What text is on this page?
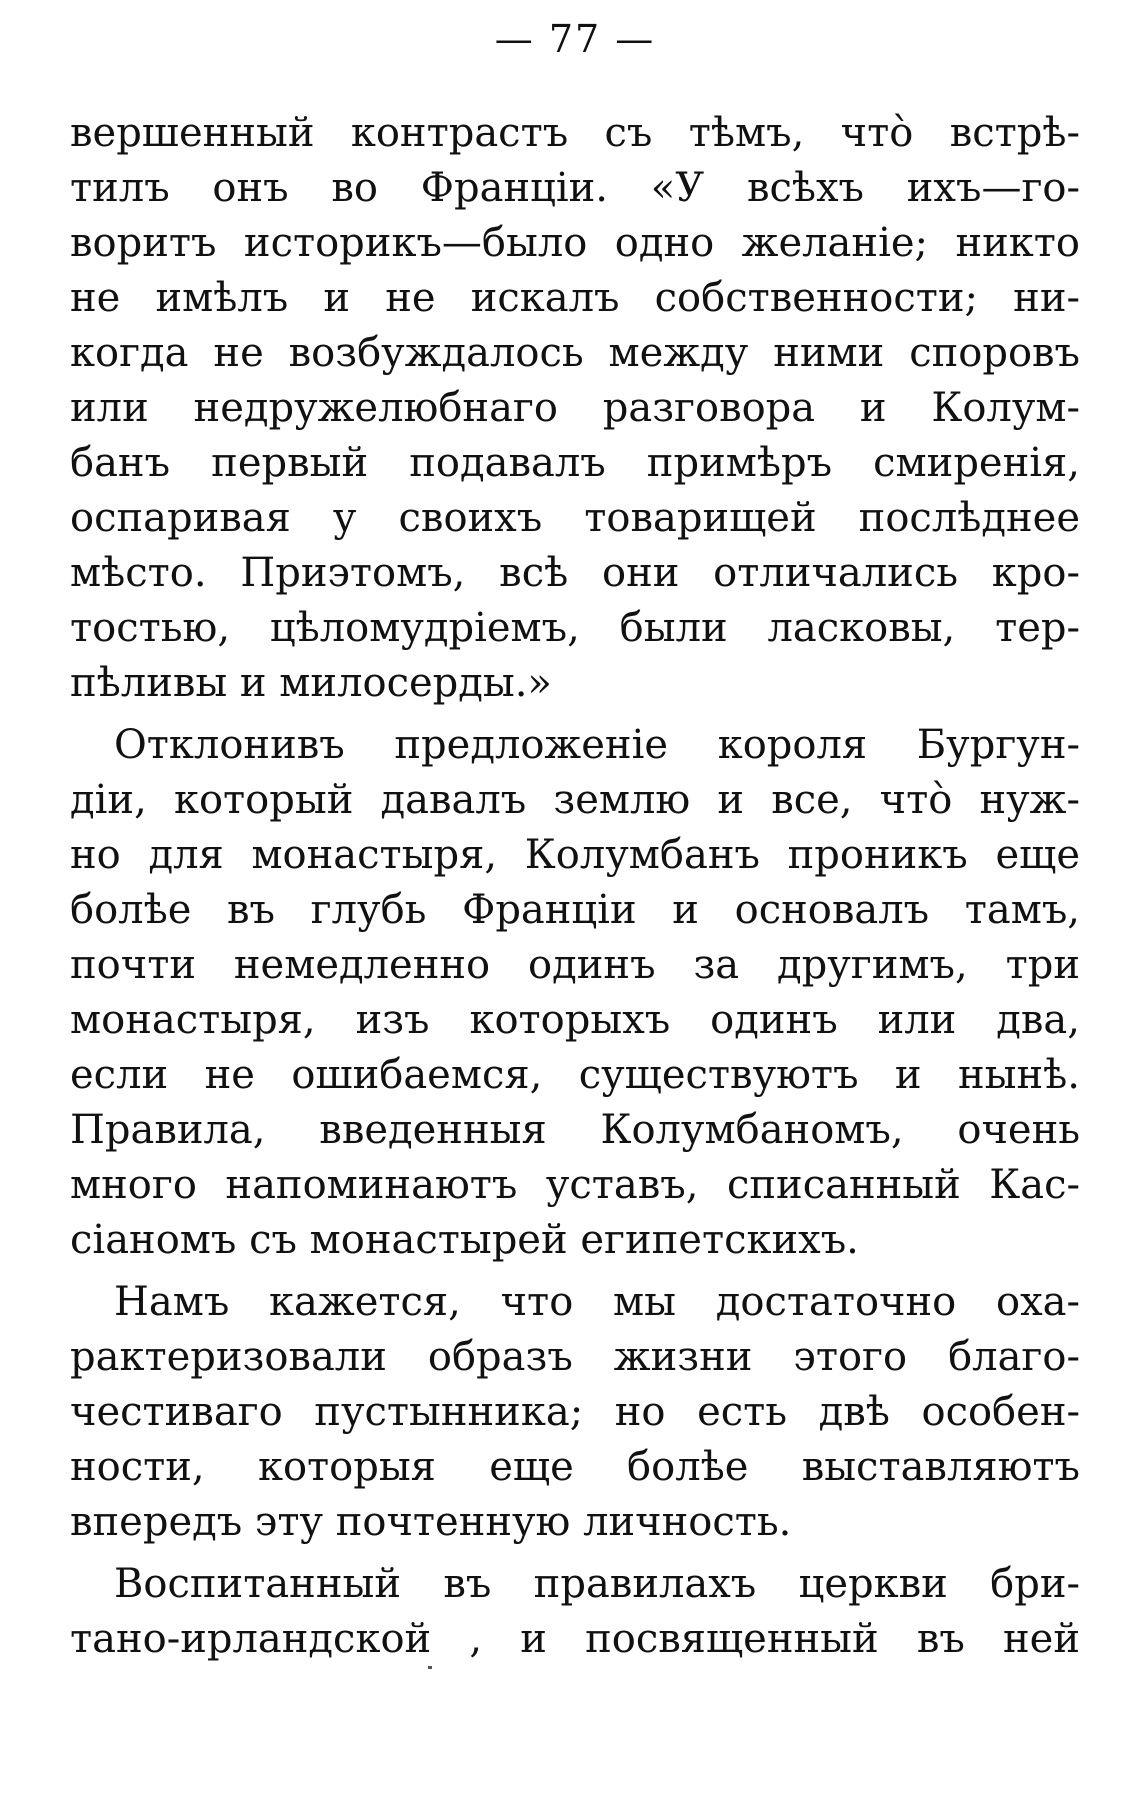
— 77 —
вершенный контрастъ съ тѣмъ, что̀ встрѣ-
тилъ онъ во Франціи. «У всѣхъ ихъ—го-
воритъ историкъ—было одно желаніе; никто
не имѣлъ и не искалъ собственности; ни-
когда не возбуждалось между ними споровъ
или недружелюбнаго разговора и Колум-
банъ первый подавалъ примѣръ смиренія,
оспаривая у своихъ товарищей послѣднее
мѣсто. Приэтомъ, всѣ они отличались кро-
тостью, цѣломудріемъ, были ласковы, тер-
пѣливы и милосерды.»
Отклонивъ предложеніе короля Бургун-
діи, который давалъ землю и все, что̀ нуж-
но для монастыря, Колумбанъ проникъ еще
болѣе въ глубь Франціи и основалъ тамъ,
почти немедленно одинъ за другимъ, три
монастыря, изъ которыхъ одинъ или два,
если не ошибаемся, существуютъ и нынѣ.
Правила, введенныя Колумбаномъ, очень
много напоминаютъ уставъ, списанный Кас-
сіаномъ съ монастырей египетскихъ.
Намъ кажется, что мы достаточно оха-
рактеризовали образъ жизни этого благо-
честиваго пустынника; но есть двѣ особен-
ности, которыя еще болѣе выставляютъ
впередъ эту почтенную личность.
Воспитанный въ правилахъ церкви бри-
тано-ирландской , и посвященный въ ней
